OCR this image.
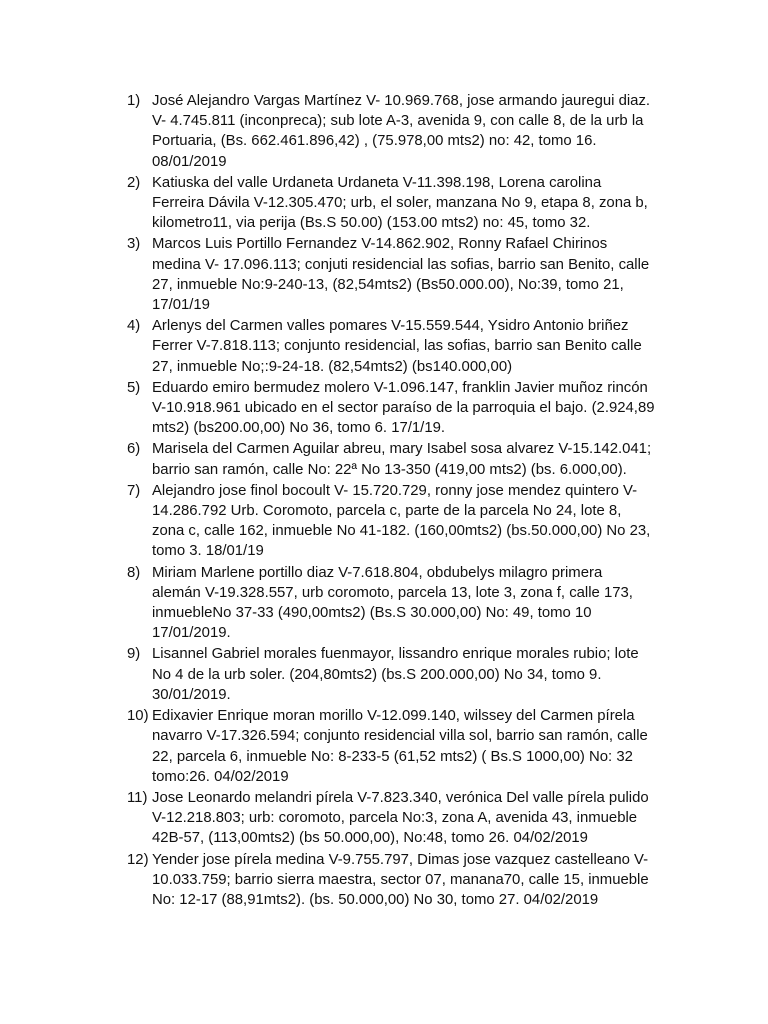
1) José Alejandro Vargas Martínez V- 10.969.768, jose armando jauregui diaz.
V- 4.745.811 (inconpreca); sub lote A-3, avenida 9, con calle 8, de la urb la
Portuaria, (Bs. 662.461.896,42) , (75.978,00 mts2) no: 42, tomo 16.
08/01/2019
2) Katiuska del valle Urdaneta Urdaneta V-11.398.198, Lorena carolina
Ferreira Dávila V-12.305.470; urb, el soler, manzana No 9, etapa 8, zona b,
kilometro11, via perija (Bs.S 50.00) (153.00 mts2) no: 45, tomo 32.
3) Marcos Luis Portillo Fernandez V-14.862.902, Ronny Rafael Chirinos
medina V- 17.096.113; conjuti residencial las sofias, barrio san Benito, calle
27, inmueble No:9-240-13, (82,54mts2) (Bs50.000.00), No:39, tomo 21,
17/01/19
4) Arlenys del Carmen valles pomares V-15.559.544, Ysidro Antonio briñez
Ferrer V-7.818.113; conjunto residencial, las sofias, barrio san Benito calle
27, inmueble No;:9-24-18. (82,54mts2) (bs140.000,00)
5) Eduardo emiro bermudez molero V-1.096.147, franklin Javier muñoz rincón
V-10.918.961 ubicado en el sector paraíso de la parroquia el bajo. (2.924,89
mts2) (bs200.00,00) No 36, tomo 6. 17/1/19.
6) Marisela del Carmen Aguilar abreu, mary Isabel sosa alvarez V-15.142.041;
barrio san ramón, calle No: 22ª No 13-350 (419,00 mts2) (bs. 6.000,00).
7) Alejandro jose finol bocoult V- 15.720.729, ronny jose mendez quintero V-
14.286.792 Urb. Coromoto, parcela c, parte de la parcela No 24, lote 8,
zona c, calle 162, inmueble No 41-182. (160,00mts2) (bs.50.000,00) No 23,
tomo 3. 18/01/19
8) Miriam Marlene portillo diaz V-7.618.804, obdubelys milagro primera
alemán V-19.328.557, urb coromoto, parcela 13, lote 3, zona f, calle 173,
inmuebleNo 37-33 (490,00mts2) (Bs.S 30.000,00) No: 49, tomo 10
17/01/2019.
9) Lisannel Gabriel morales fuenmayor, lissandro enrique morales rubio; lote
No 4 de la urb soler. (204,80mts2) (bs.S 200.000,00) No 34, tomo 9.
30/01/2019.
10) Edixavier Enrique moran morillo V-12.099.140, wilssey del Carmen pírela
navarro V-17.326.594; conjunto residencial villa sol, barrio san ramón, calle
22, parcela 6, inmueble No: 8-233-5 (61,52 mts2) ( Bs.S 1000,00) No: 32
tomo:26. 04/02/2019
11) Jose Leonardo melandri pírela V-7.823.340, verónica Del valle pírela pulido
V-12.218.803; urb: coromoto, parcela No:3, zona A, avenida 43, inmueble
42B-57, (113,00mts2) (bs 50.000,00), No:48, tomo 26. 04/02/2019
12) Yender jose pírela medina V-9.755.797, Dimas jose vazquez castelleano V-
10.033.759; barrio sierra maestra, sector 07, manana70, calle 15, inmueble
No: 12-17 (88,91mts2). (bs. 50.000,00) No 30, tomo 27. 04/02/2019
